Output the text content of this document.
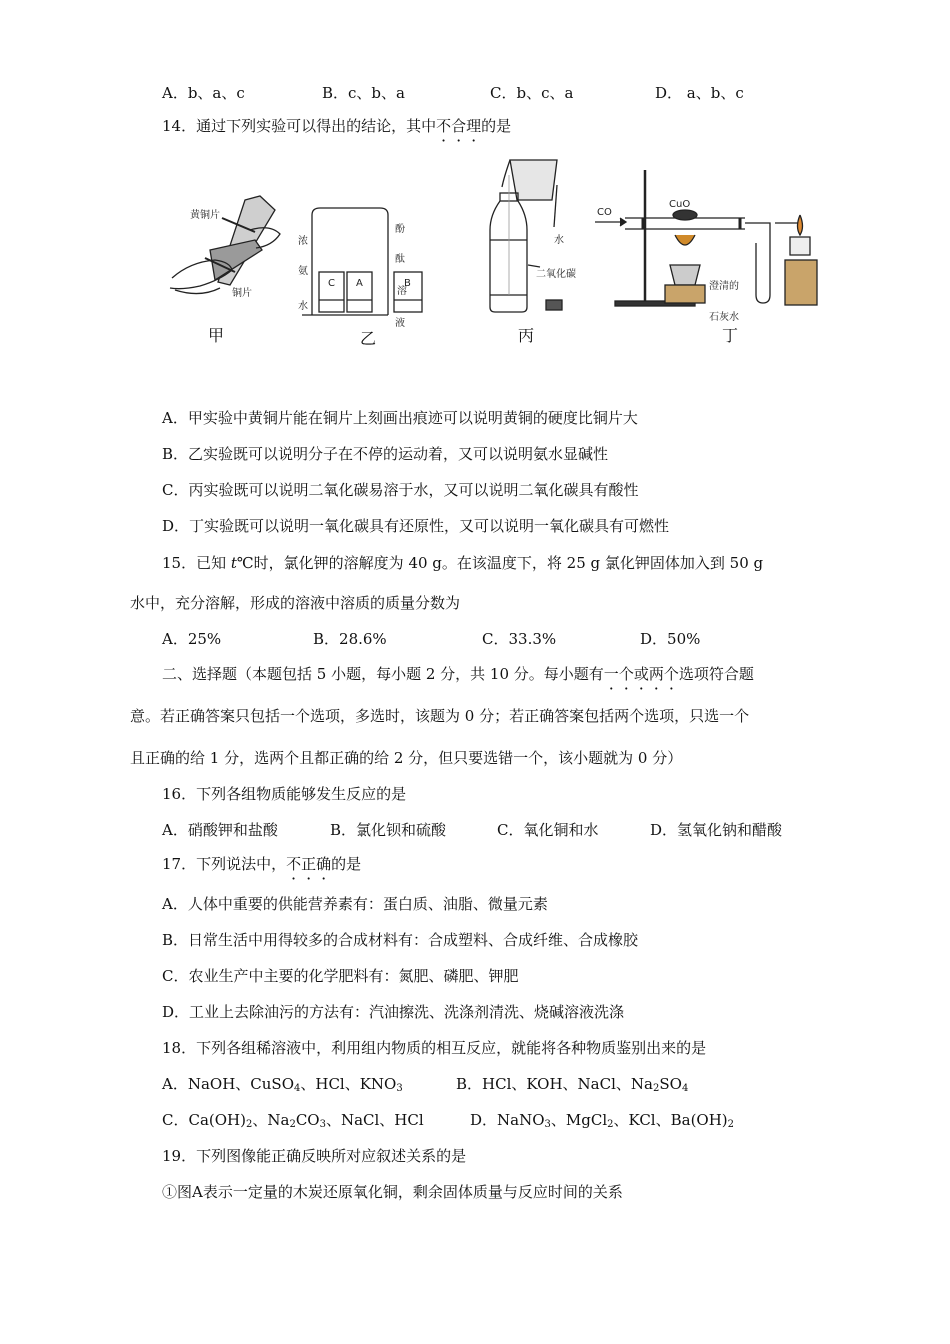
A．b、a、c	B．c、b、a	C．b、c、a	D． a、b、c
14．通过下列实验可以得出的结论，其中不合理的是
黄铜片
铜片
甲
C A	B
浓
氨
水
酚
酞
溶
液
乙
水
二氧化碳
丙
CO
CuO
澄清的
石灰水
丁
A．甲实验中黄铜片能在铜片上刻画出痕迹可以说明黄铜的硬度比铜片大
B．乙实验既可以说明分子在不停的运动着，又可以说明氨水显碱性
C．丙实验既可以说明二氧化碳易溶于水，又可以说明二氧化碳具有酸性
D．丁实验既可以说明一氧化碳具有还原性，又可以说明一氧化碳具有可燃性
15．已知 t℃时，氯化钾的溶解度为 40 g。在该温度下，将 25 g 氯化钾固体加入到 50 g
水中，充分溶解，形成的溶液中溶质的质量分数为
A．25%	B．28.6%	C．33.3%	D．50%
二、选择题（本题包括 5 小题，每小题 2 分，共 10 分。每小题有一个或两个选项符合题
意。若正确答案只包括一个选项，多选时，该题为 0 分；若正确答案包括两个选项，只选一个
且正确的给 1 分，选两个且都正确的给 2 分，但只要选错一个，该小题就为 0 分）
16．下列各组物质能够发生反应的是
A．硝酸钾和盐酸	B．氯化钡和硫酸	C．氧化铜和水	D．氢氧化钠和醋酸
17．下列说法中，不正确的是
A．人体中重要的供能营养素有：蛋白质、油脂、微量元素
B．日常生活中用得较多的合成材料有：合成塑料、合成纤维、合成橡胶
C．农业生产中主要的化学肥料有：氮肥、磷肥、钾肥
D．工业上去除油污的方法有：汽油擦洗、洗涤剂清洗、烧碱溶液洗涤
18．下列各组稀溶液中，利用组内物质的相互反应，就能将各种物质鉴别出来的是
A．NaOH、CuSO$_4$、HCl、$KNO_3$	B．HCl、KOH、NaCl、$Na_2SO_4$
C．$Ca(OH)_2$、$Na_2CO_3$、NaCl、HCl	D．NaNO$_3$、MgCl$_2$、KCl、$Ba(OH)_2$
19．下列图像能正确反映所对应叙述关系的是
①图A表示一定量的木炭还原氧化铜，剩余固体质量与反应时间的关系
